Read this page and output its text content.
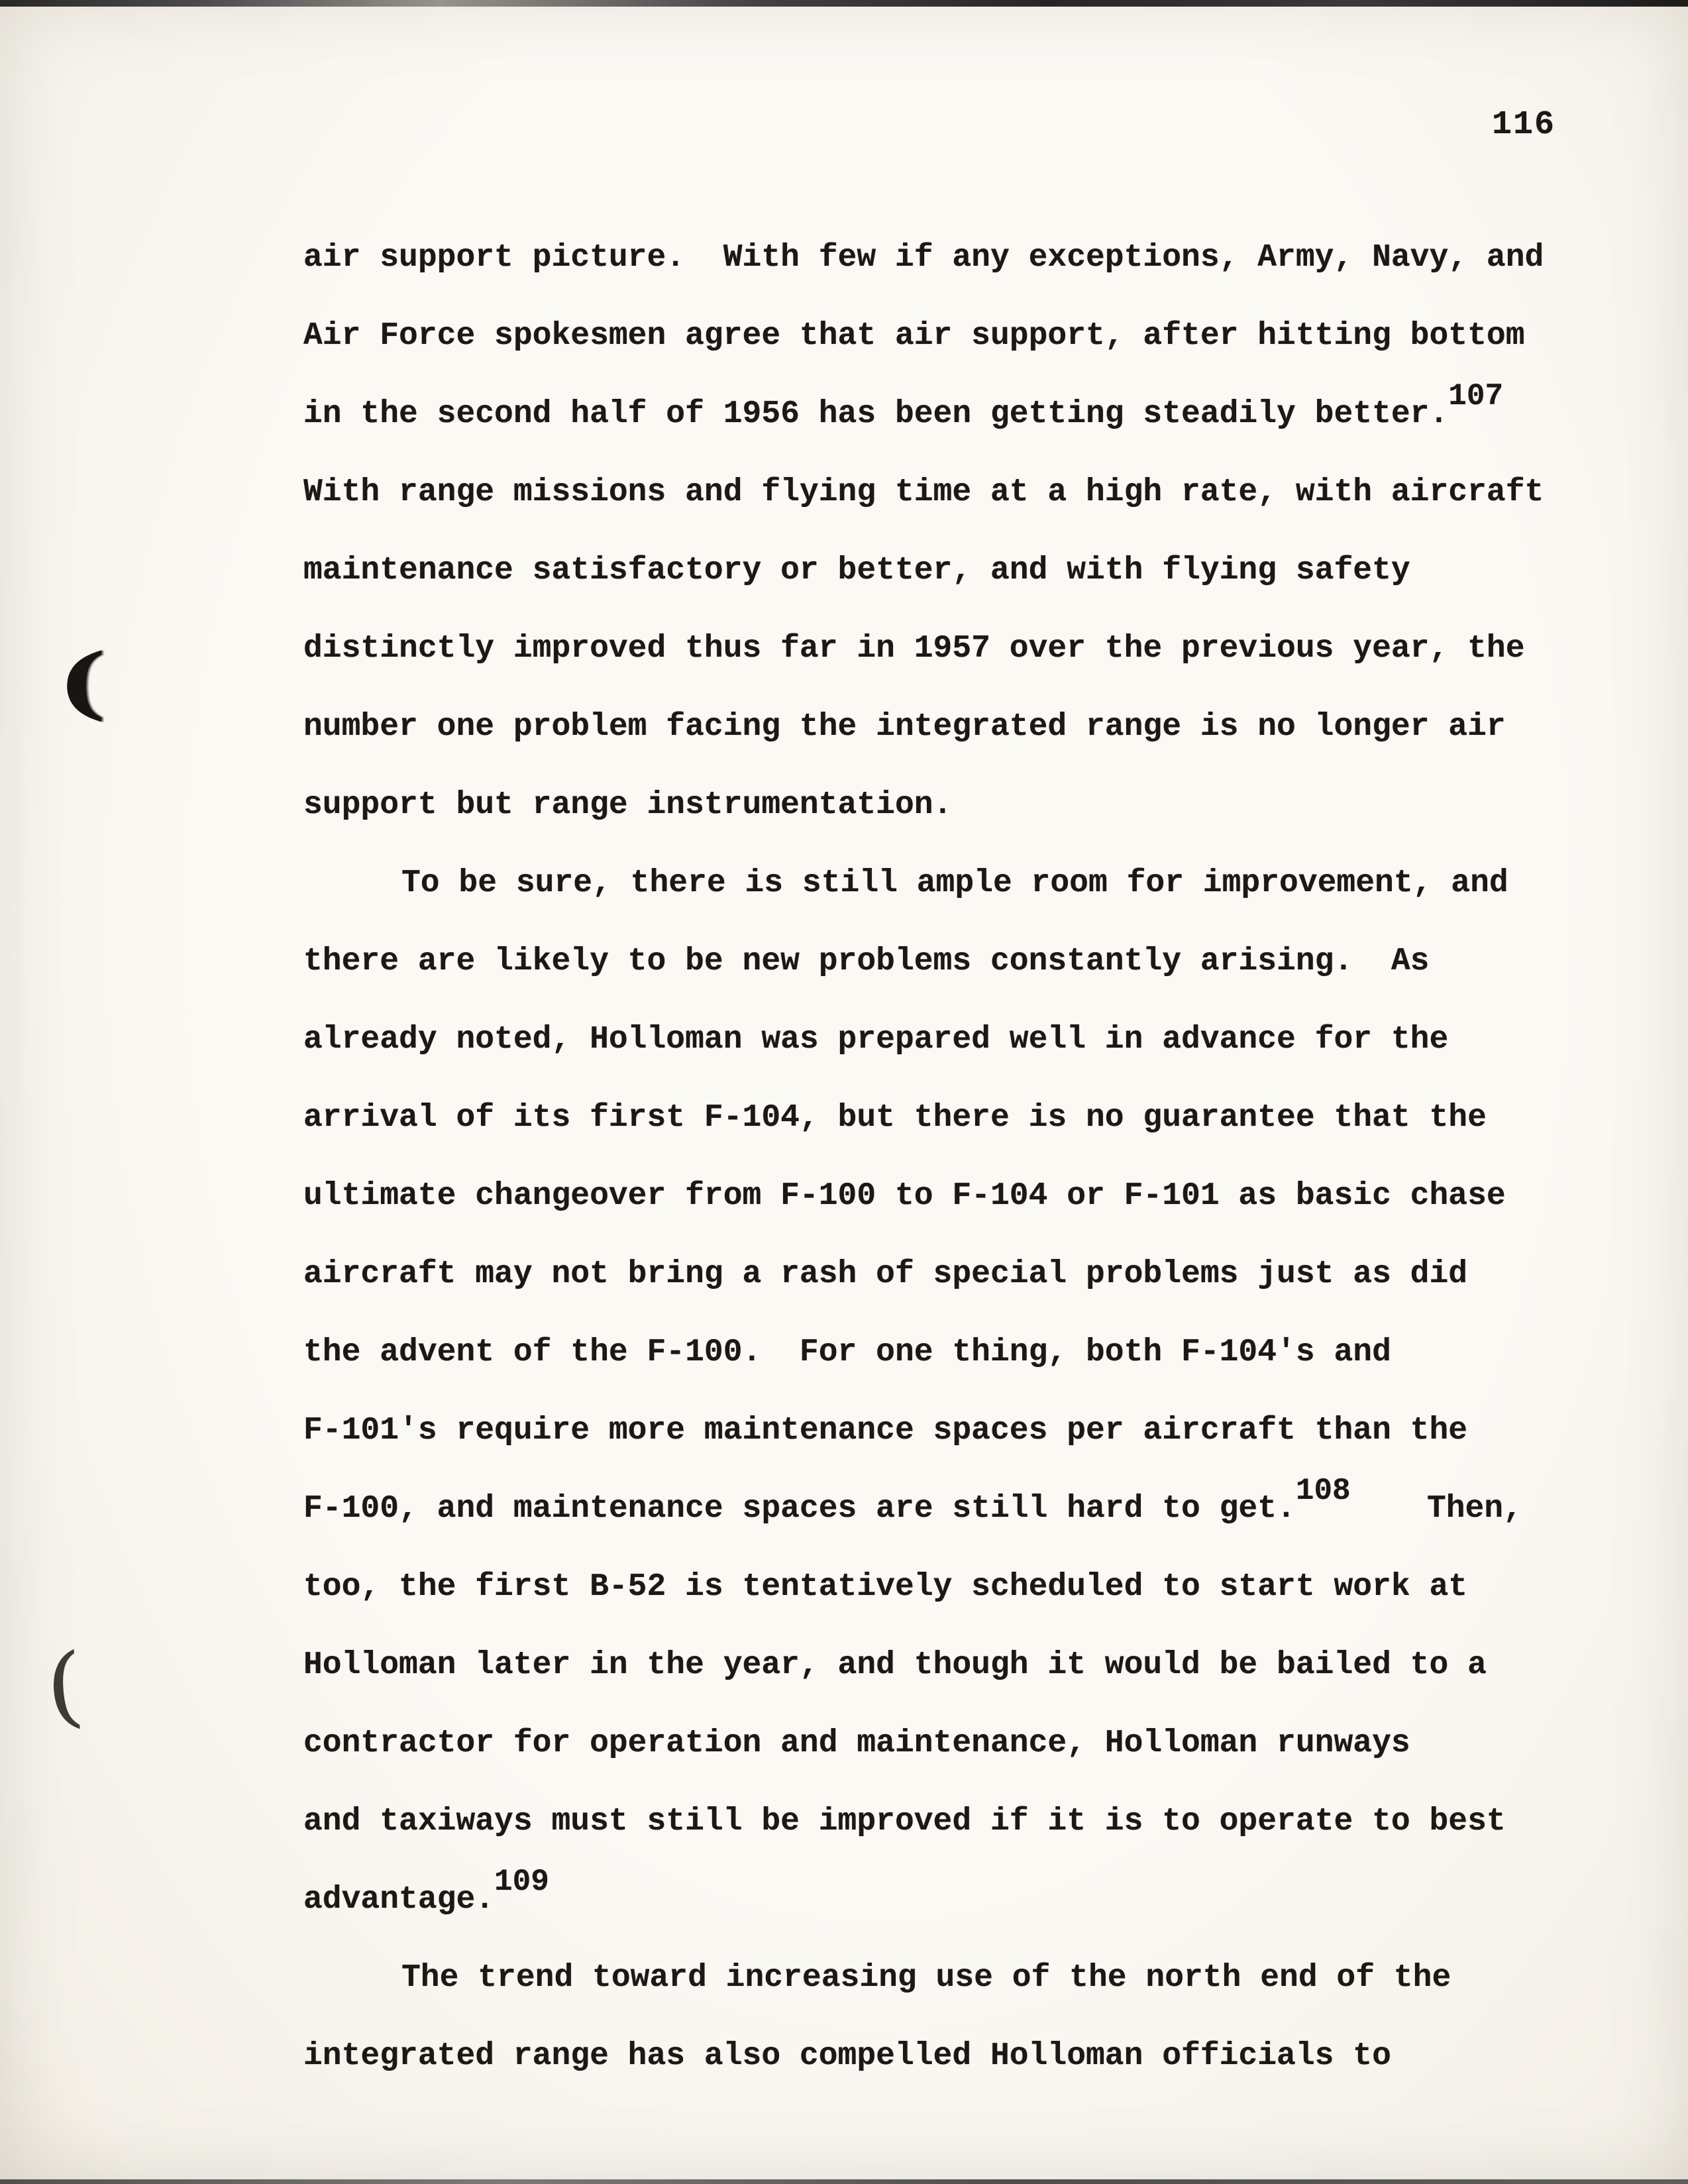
116
(
(
air support picture.  With few if any exceptions, Army, Navy, and
Air Force spokesmen agree that air support, after hitting bottom
in the second half of 1956 has been getting steadily better.107
With range missions and flying time at a high rate, with aircraft
maintenance satisfactory or better, and with flying safety
distinctly improved thus far in 1957 over the previous year, the
number one problem facing the integrated range is no longer air
support but range instrumentation.
To be sure, there is still ample room for improvement, and
there are likely to be new problems constantly arising.  As
already noted, Holloman was prepared well in advance for the
arrival of its first F-104, but there is no guarantee that the
ultimate changeover from F-100 to F-104 or F-101 as basic chase
aircraft may not bring a rash of special problems just as did
the advent of the F-100.  For one thing, both F-104's and
F-101's require more maintenance spaces per aircraft than the
F-100, and maintenance spaces are still hard to get.108    Then,
too, the first B-52 is tentatively scheduled to start work at
Holloman later in the year, and though it would be bailed to a
contractor for operation and maintenance, Holloman runways
and taxiways must still be improved if it is to operate to best
advantage.109
The trend toward increasing use of the north end of the
integrated range has also compelled Holloman officials to
